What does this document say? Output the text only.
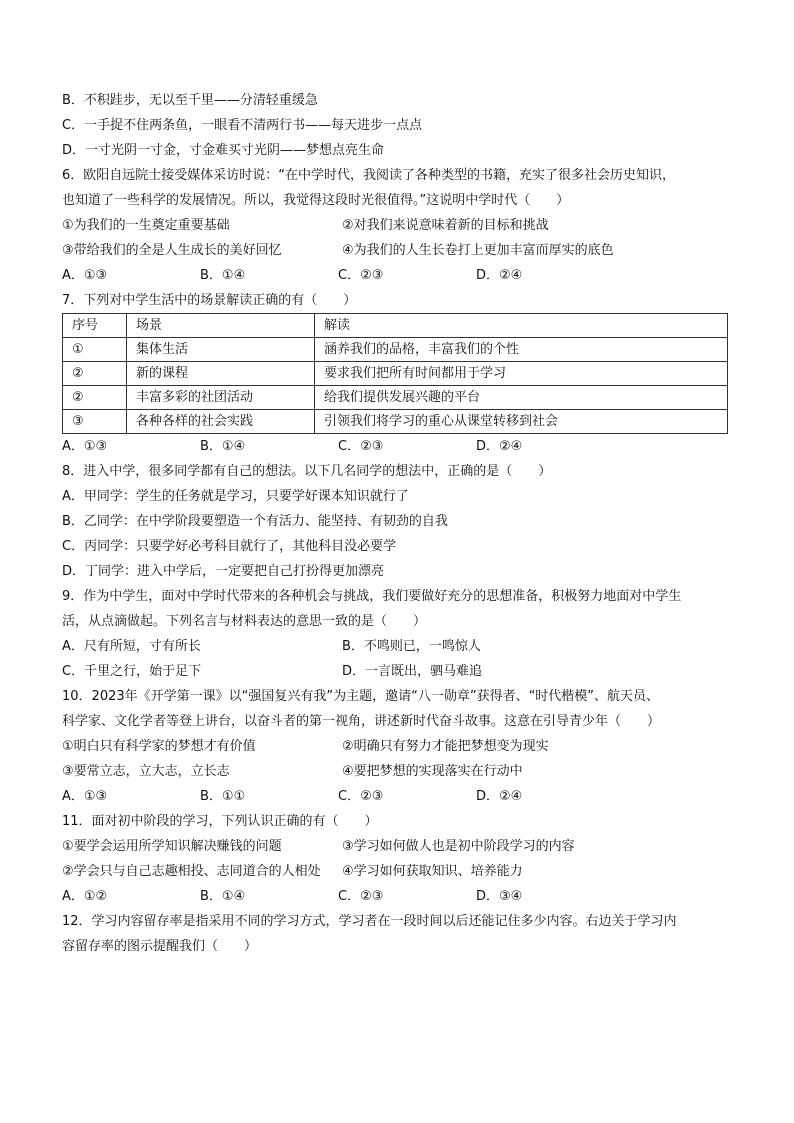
B．不积跬步，无以至千里——分清轻重缓急
C．一手捉不住两条鱼，一眼看不清两行书——每天进步一点点
D．一寸光阴一寸金，寸金难买寸光阴——梦想点亮生命
6．欧阳自远院士接受媒体采访时说：“在中学时代，我阅读了各种类型的书籍，充实了很多社会历史知识，
也知道了一些科学的发展情况。所以，我觉得这段时光很值得。”这说明中学时代（　　）
①为我们的一生奠定重要基础	②对我们来说意味着新的目标和挑战
③带给我们的全是人生成长的美好回忆	④为我们的人生长卷打上更加丰富而厚实的底色
A．①③	B．①④	C．②③	D．②④
7．下列对中学生活中的场景解读正确的有（　　）
序号	场景	解读
①	集体生活	涵养我们的品格，丰富我们的个性
②	新的课程	要求我们把所有时间都用于学习
②	丰富多彩的社团活动	给我们提供发展兴趣的平台
③	各种各样的社会实践	引领我们将学习的重心从课堂转移到社会
A．①③	B．①④	C．②③	D．②④
8．进入中学，很多同学都有自己的想法。以下几名同学的想法中，正确的是（　　）
A．甲同学：学生的任务就是学习，只要学好课本知识就行了
B．乙同学：在中学阶段要塑造一个有活力、能坚持、有韧劲的自我
C．丙同学：只要学好必考科目就行了，其他科目没必要学
D．丁同学：进入中学后，一定要把自己打扮得更加漂亮
9．作为中学生，面对中学时代带来的各种机会与挑战，我们要做好充分的思想准备，积极努力地面对中学生
活，从点滴做起。下列名言与材料表达的意思一致的是（　　）
A．尺有所短，寸有所长	B．不鸣则已，一鸣惊人
C．千里之行，始于足下	D．一言既出，驷马难追
10．2023年《开学第一课》以“强国复兴有我”为主题，邀请“八一勋章”获得者、“时代楷模”、航天员、
科学家、文化学者等登上讲台，以奋斗者的第一视角，讲述新时代奋斗故事。这意在引导青少年（　　）
①明白只有科学家的梦想才有价值	②明确只有努力才能把梦想变为现实
③要常立志，立大志，立长志	④要把梦想的实现落实在行动中
A．①③	B．①①	C．②③	D．②④
11．面对初中阶段的学习，下列认识正确的有（　　）
①要学会运用所学知识解决赚钱的问题	③学习如何做人也是初中阶段学习的内容
②学会只与自己志趣相投、志同道合的人相处	④学习如何获取知识、培养能力
A．①②	B．①④	C．②③	D．③④
12．学习内容留存率是指采用不同的学习方式，学习者在一段时间以后还能记住多少内容。右边关于学习内
容留存率的图示提醒我们（　　）
